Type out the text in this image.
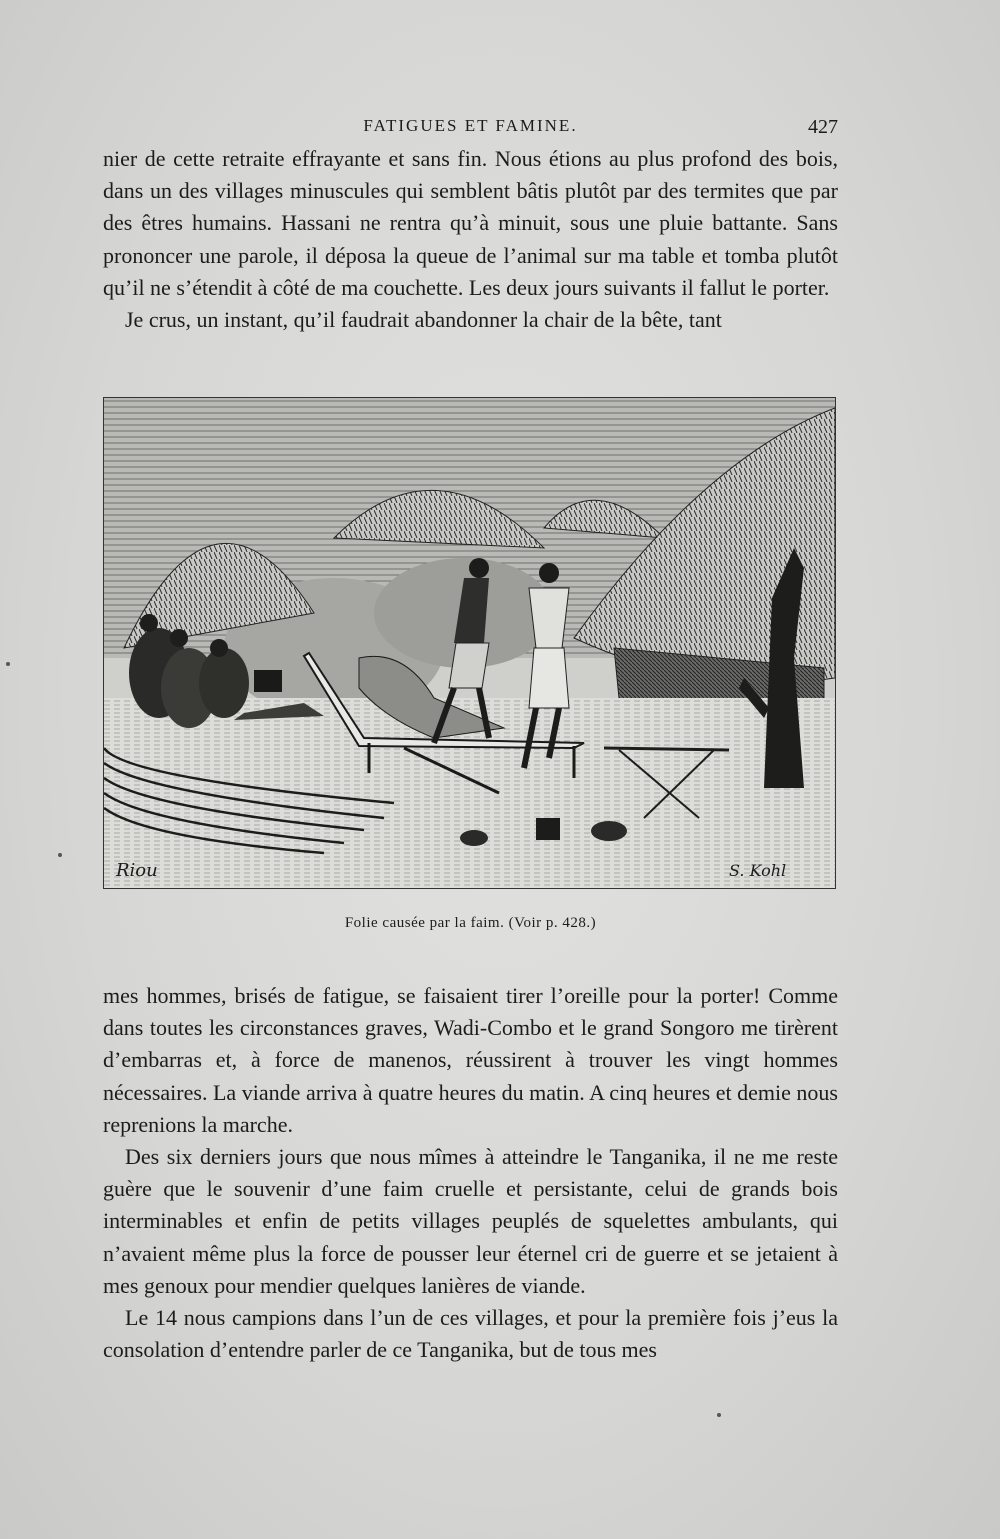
FATIGUES ET FAMINE.	427

nier de cette retraite effrayante et sans fin. Nous étions au plus profond des bois, dans un des villages minuscules qui semblent bâtis plutôt par des termites que par des êtres humains. Hassani ne rentra qu’à minuit, sous une pluie battante. Sans prononcer une parole, il déposa la queue de l’animal sur ma table et tomba plutôt qu’il ne s’étendit à côté de ma couchette. Les deux jours suivants il fallut le porter.

Je crus, un instant, qu’il faudrait abandonner la chair de la bête, tant

Riou	S. Kohl
Folie causée par la faim. (Voir p. 428.)

mes hommes, brisés de fatigue, se faisaient tirer l’oreille pour la porter! Comme dans toutes les circonstances graves, Wadi-Combo et le grand Songoro me tirèrent d’embarras et, à force de manenos, réussirent à trouver les vingt hommes nécessaires. La viande arriva à quatre heures du matin. A cinq heures et demie nous reprenions la marche.

Des six derniers jours que nous mîmes à atteindre le Tanganika, il ne me reste guère que le souvenir d’une faim cruelle et persistante, celui de grands bois interminables et enfin de petits villages peuplés de squelettes ambulants, qui n’avaient même plus la force de pousser leur éternel cri de guerre et se jetaient à mes genoux pour mendier quelques lanières de viande.

Le 14 nous campions dans l’un de ces villages, et pour la première fois j’eus la consolation d’entendre parler de ce Tanganika, but de tous mes
